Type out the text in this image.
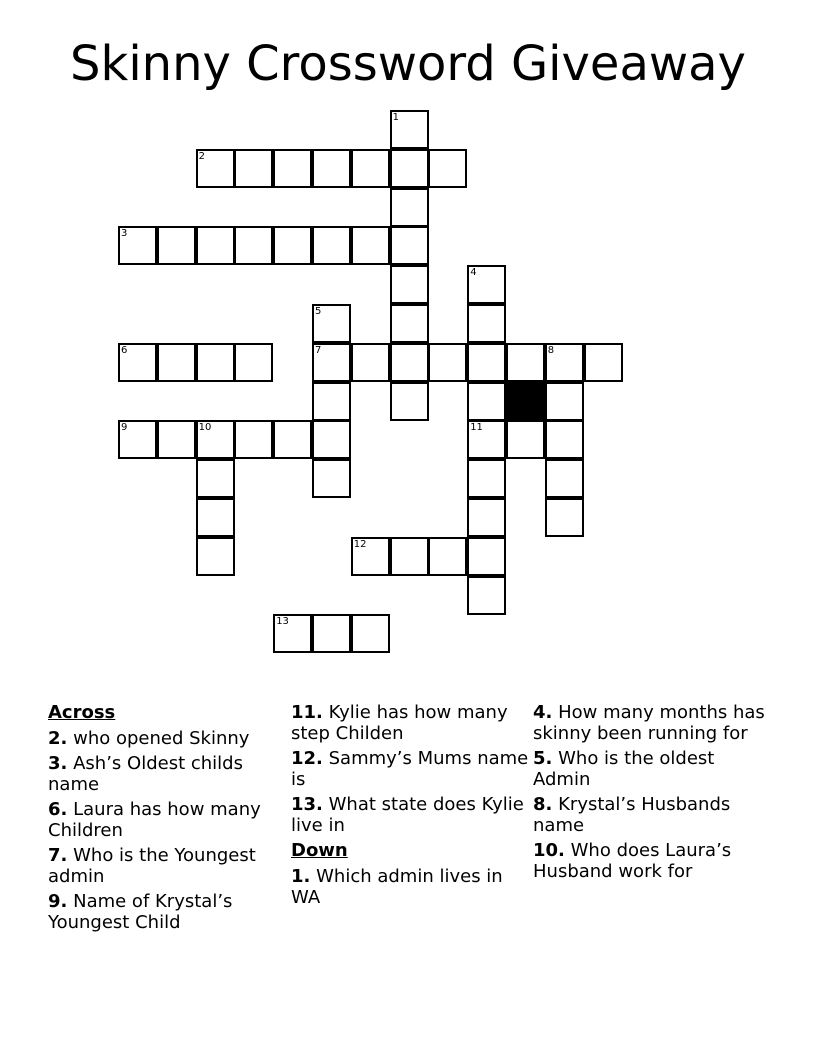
Skinny Crossword Giveaway
1
2
3
4
5
7
6	8
9	10	11
12
13
Across
2. who opened Skinny
3. Ash’s Oldest childs name
6. Laura has how many Children
7. Who is the Youngest admin
9. Name of Krystal’s Youngest Child
11. Kylie has how many step Childen
12. Sammy’s Mums name is
13. What state does Kylie live in
Down
1. Which admin lives in WA
4. How many months has skinny been running for
5. Who is the oldest Admin
8. Krystal’s Husbands name
10. Who does Laura’s Husband work for
